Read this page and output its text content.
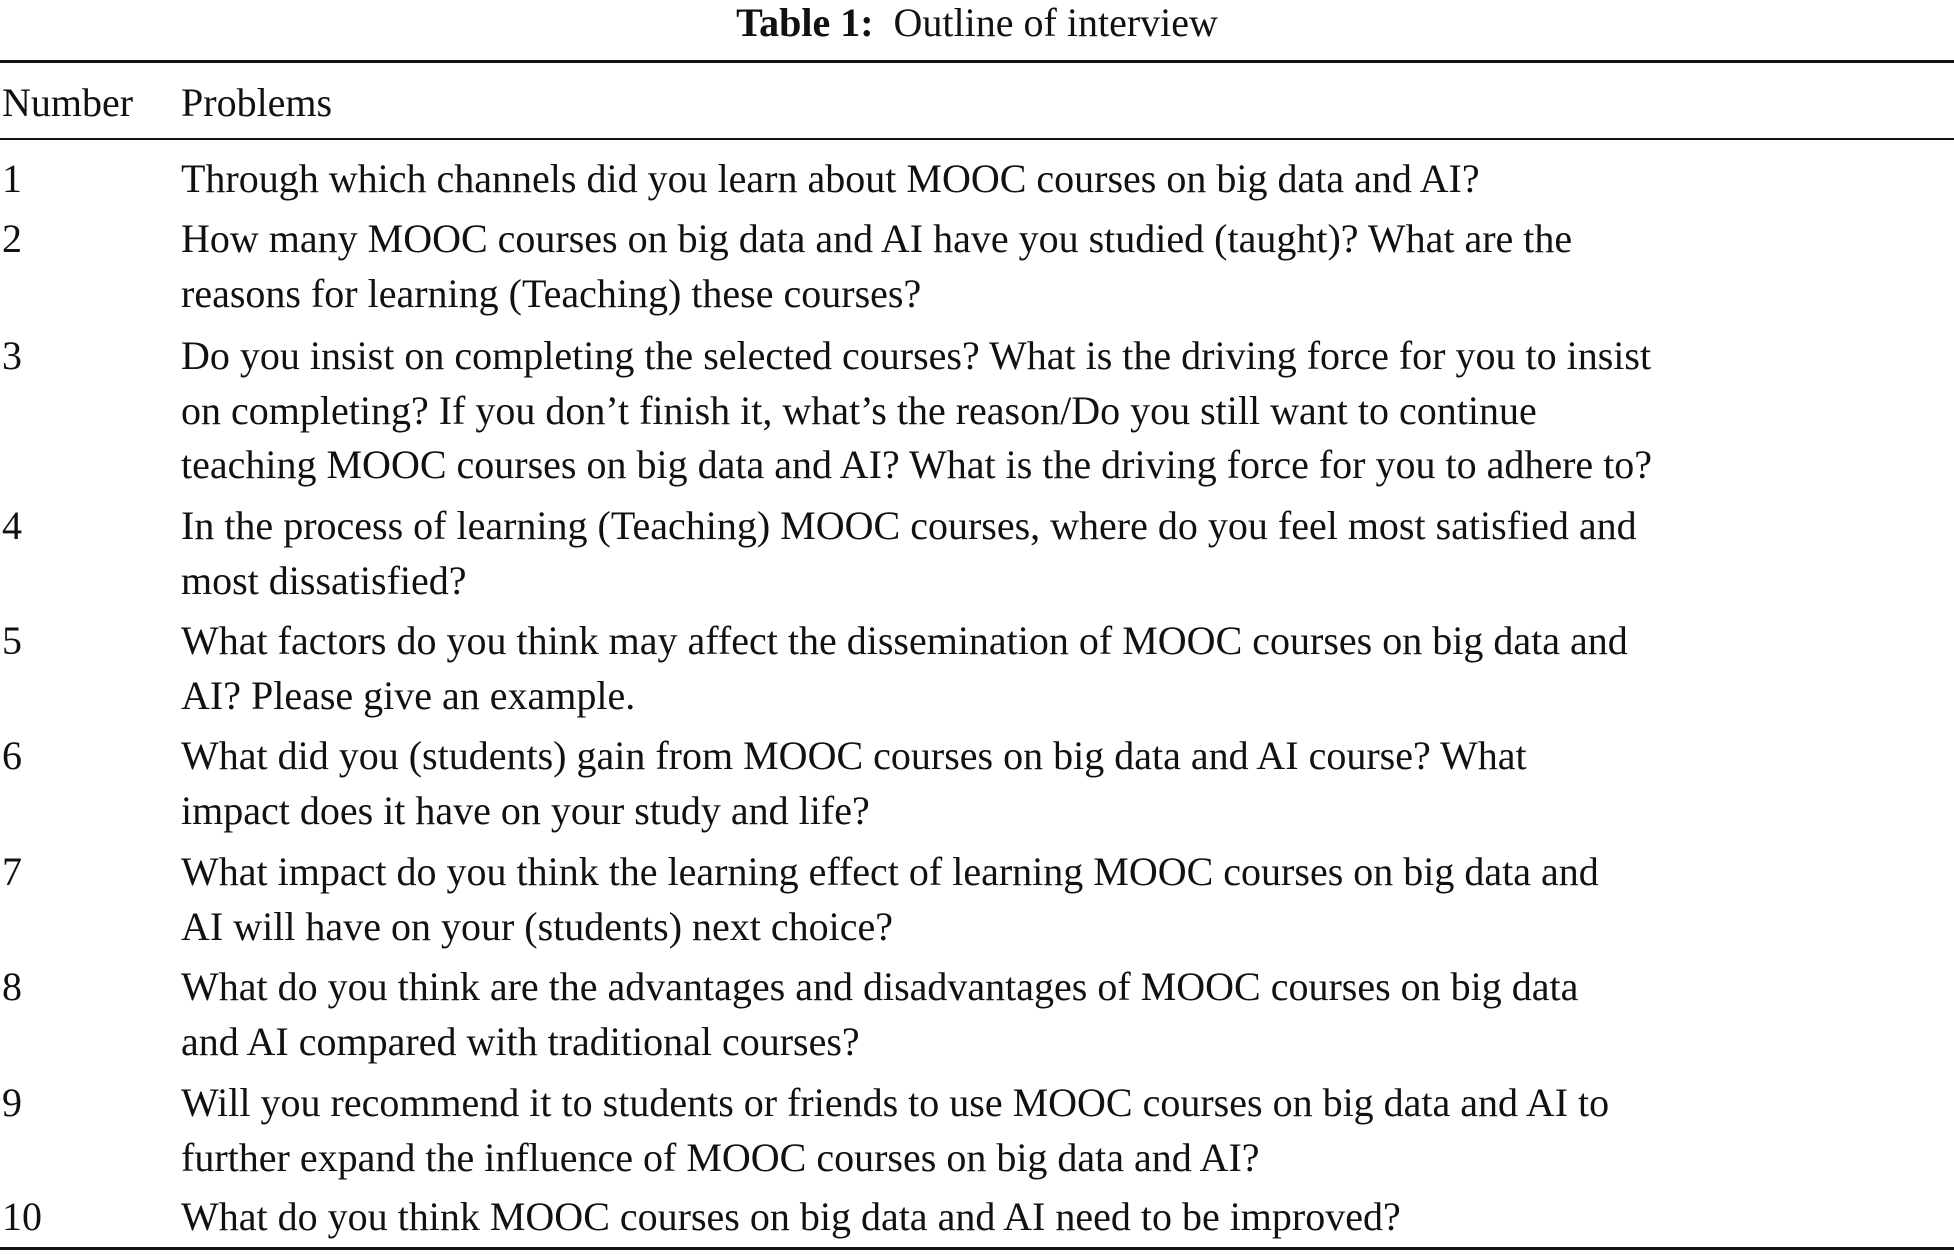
Table 1: Outline of interview
Number Problems
1	Through which channels did you learn about MOOC courses on big data and AI?
2	How many MOOC courses on big data and AI have you studied (taught)? What are the
reasons for learning (Teaching) these courses?
3	Do you insist on completing the selected courses? What is the driving force for you to insist
on completing? If you don’t finish it, what’s the reason/Do you still want to continue
teaching MOOC courses on big data and AI? What is the driving force for you to adhere to?
4	In the process of learning (Teaching) MOOC courses, where do you feel most satisfied and
most dissatisfied?
5	What factors do you think may affect the dissemination of MOOC courses on big data and
AI? Please give an example.
6	What did you (students) gain from MOOC courses on big data and AI course? What
impact does it have on your study and life?
7	What impact do you think the learning effect of learning MOOC courses on big data and
AI will have on your (students) next choice?
8	What do you think are the advantages and disadvantages of MOOC courses on big data
and AI compared with traditional courses?
9	Will you recommend it to students or friends to use MOOC courses on big data and AI to
further expand the influence of MOOC courses on big data and AI?
10	What do you think MOOC courses on big data and AI need to be improved?
